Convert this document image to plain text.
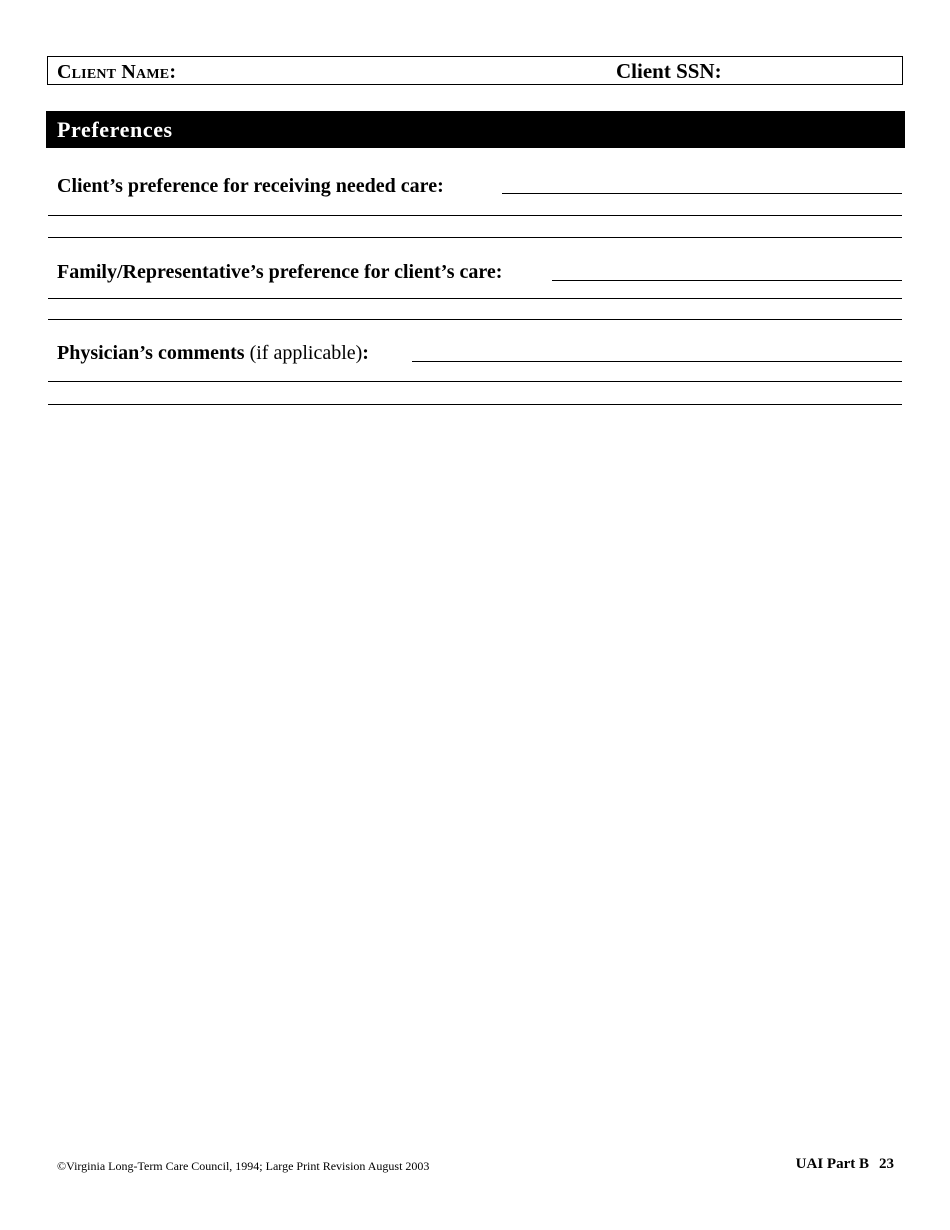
Client Name:	Client SSN:
Preferences
Client’s preference for receiving needed care:
Family/Representative’s preference for client’s care:
Physician’s comments (if applicable):
©Virginia Long-Term Care Council, 1994; Large Print Revision August 2003	UAI Part B 23
